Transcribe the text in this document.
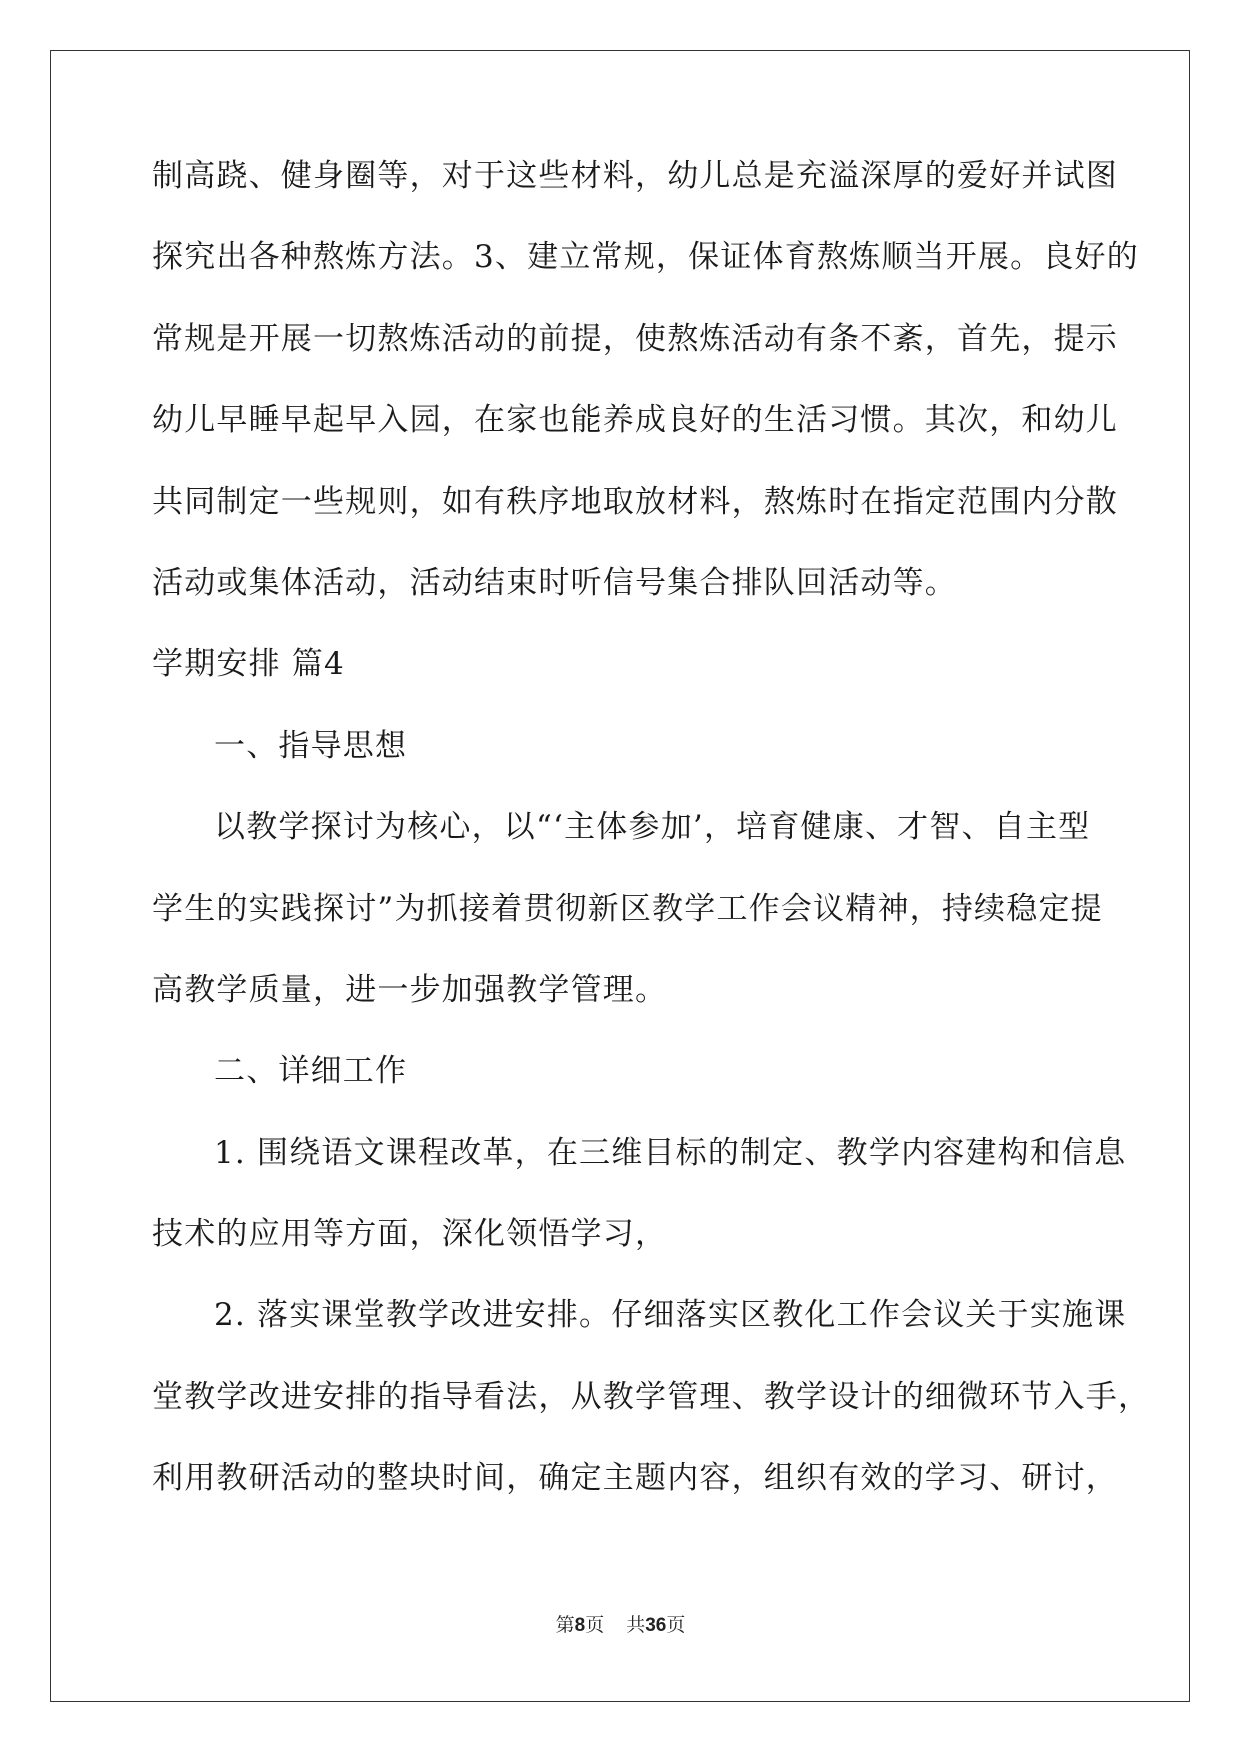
制高跷、健身圈等，对于这些材料，幼儿总是充溢深厚的爱好并试图
探究出各种熬炼方法。3、建立常规，保证体育熬炼顺当开展。良好的
常规是开展一切熬炼活动的前提，使熬炼活动有条不紊，首先，提示
幼儿早睡早起早入园，在家也能养成良好的生活习惯。其次，和幼儿
共同制定一些规则，如有秩序地取放材料，熬炼时在指定范围内分散
活动或集体活动，活动结束时听信号集合排队回活动等。
学期安排 篇4
一、指导思想
以教学探讨为核心，以“‘主体参加’，培育健康、才智、自主型
学生的实践探讨”为抓接着贯彻新区教学工作会议精神，持续稳定提
高教学质量，进一步加强教学管理。
二、详细工作
1. 围绕语文课程改革，在三维目标的制定、教学内容建构和信息
技术的应用等方面，深化领悟学习，
2. 落实课堂教学改进安排。仔细落实区教化工作会议关于实施课
堂教学改进安排的指导看法，从教学管理、教学设计的细微环节入手，
利用教研活动的整块时间，确定主题内容，组织有效的学习、研讨，
第8页 共36页
